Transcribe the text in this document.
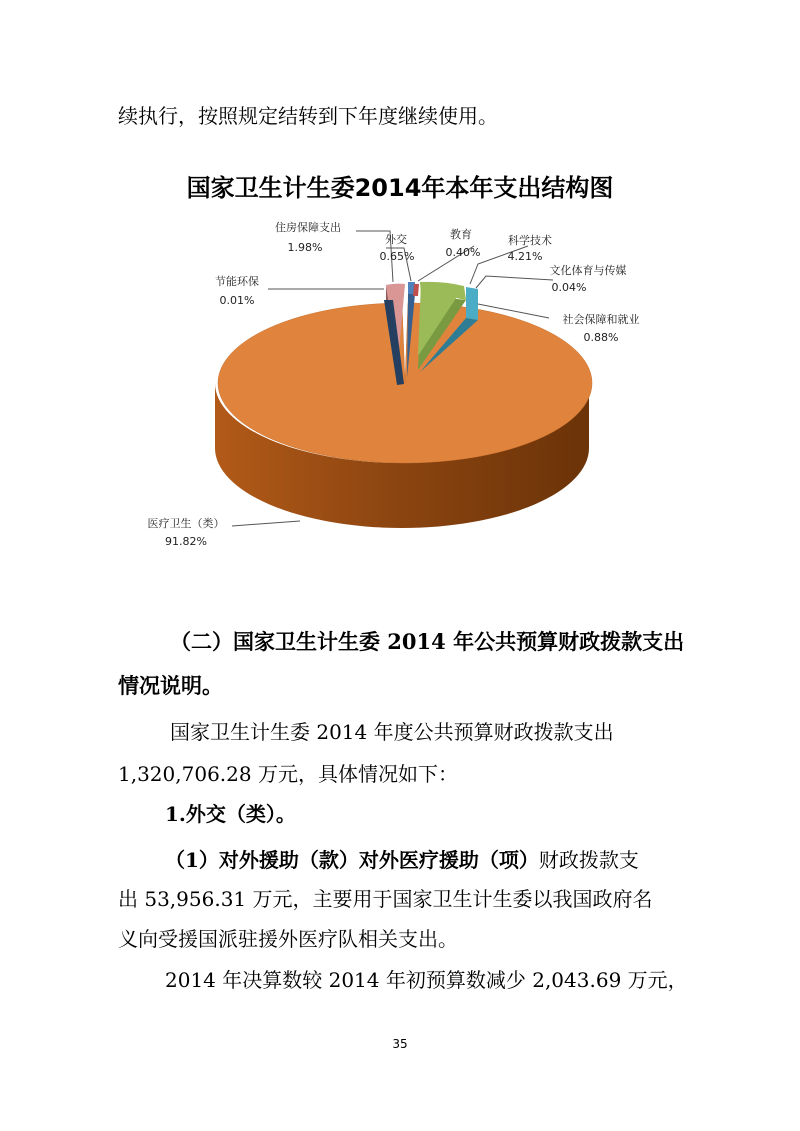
续执行，按照规定结转到下年度继续使用。

国家卫生计生委2014年本年支出结构图
住房保障支出
1.98%
外交
0.65%
教育
0.40%
科学技术
4.21%
文化体育与传媒
0.04%
社会保障和就业
0.88%
节能环保
0.01%
医疗卫生（类）
91.82%

（二）国家卫生计生委 2014 年公共预算财政拨款支出

情况说明。

国家卫生计生委 2014 年度公共预算财政拨款支出

1,320,706.28 万元，具体情况如下：

1.外交（类）。

（1）对外援助（款）对外医疗援助（项）财政拨款支

出 53,956.31 万元，主要用于国家卫生计生委以我国政府名

义向受援国派驻援外医疗队相关支出。

2014 年决算数较 2014 年初预算数减少 2,043.69 万元，

35
